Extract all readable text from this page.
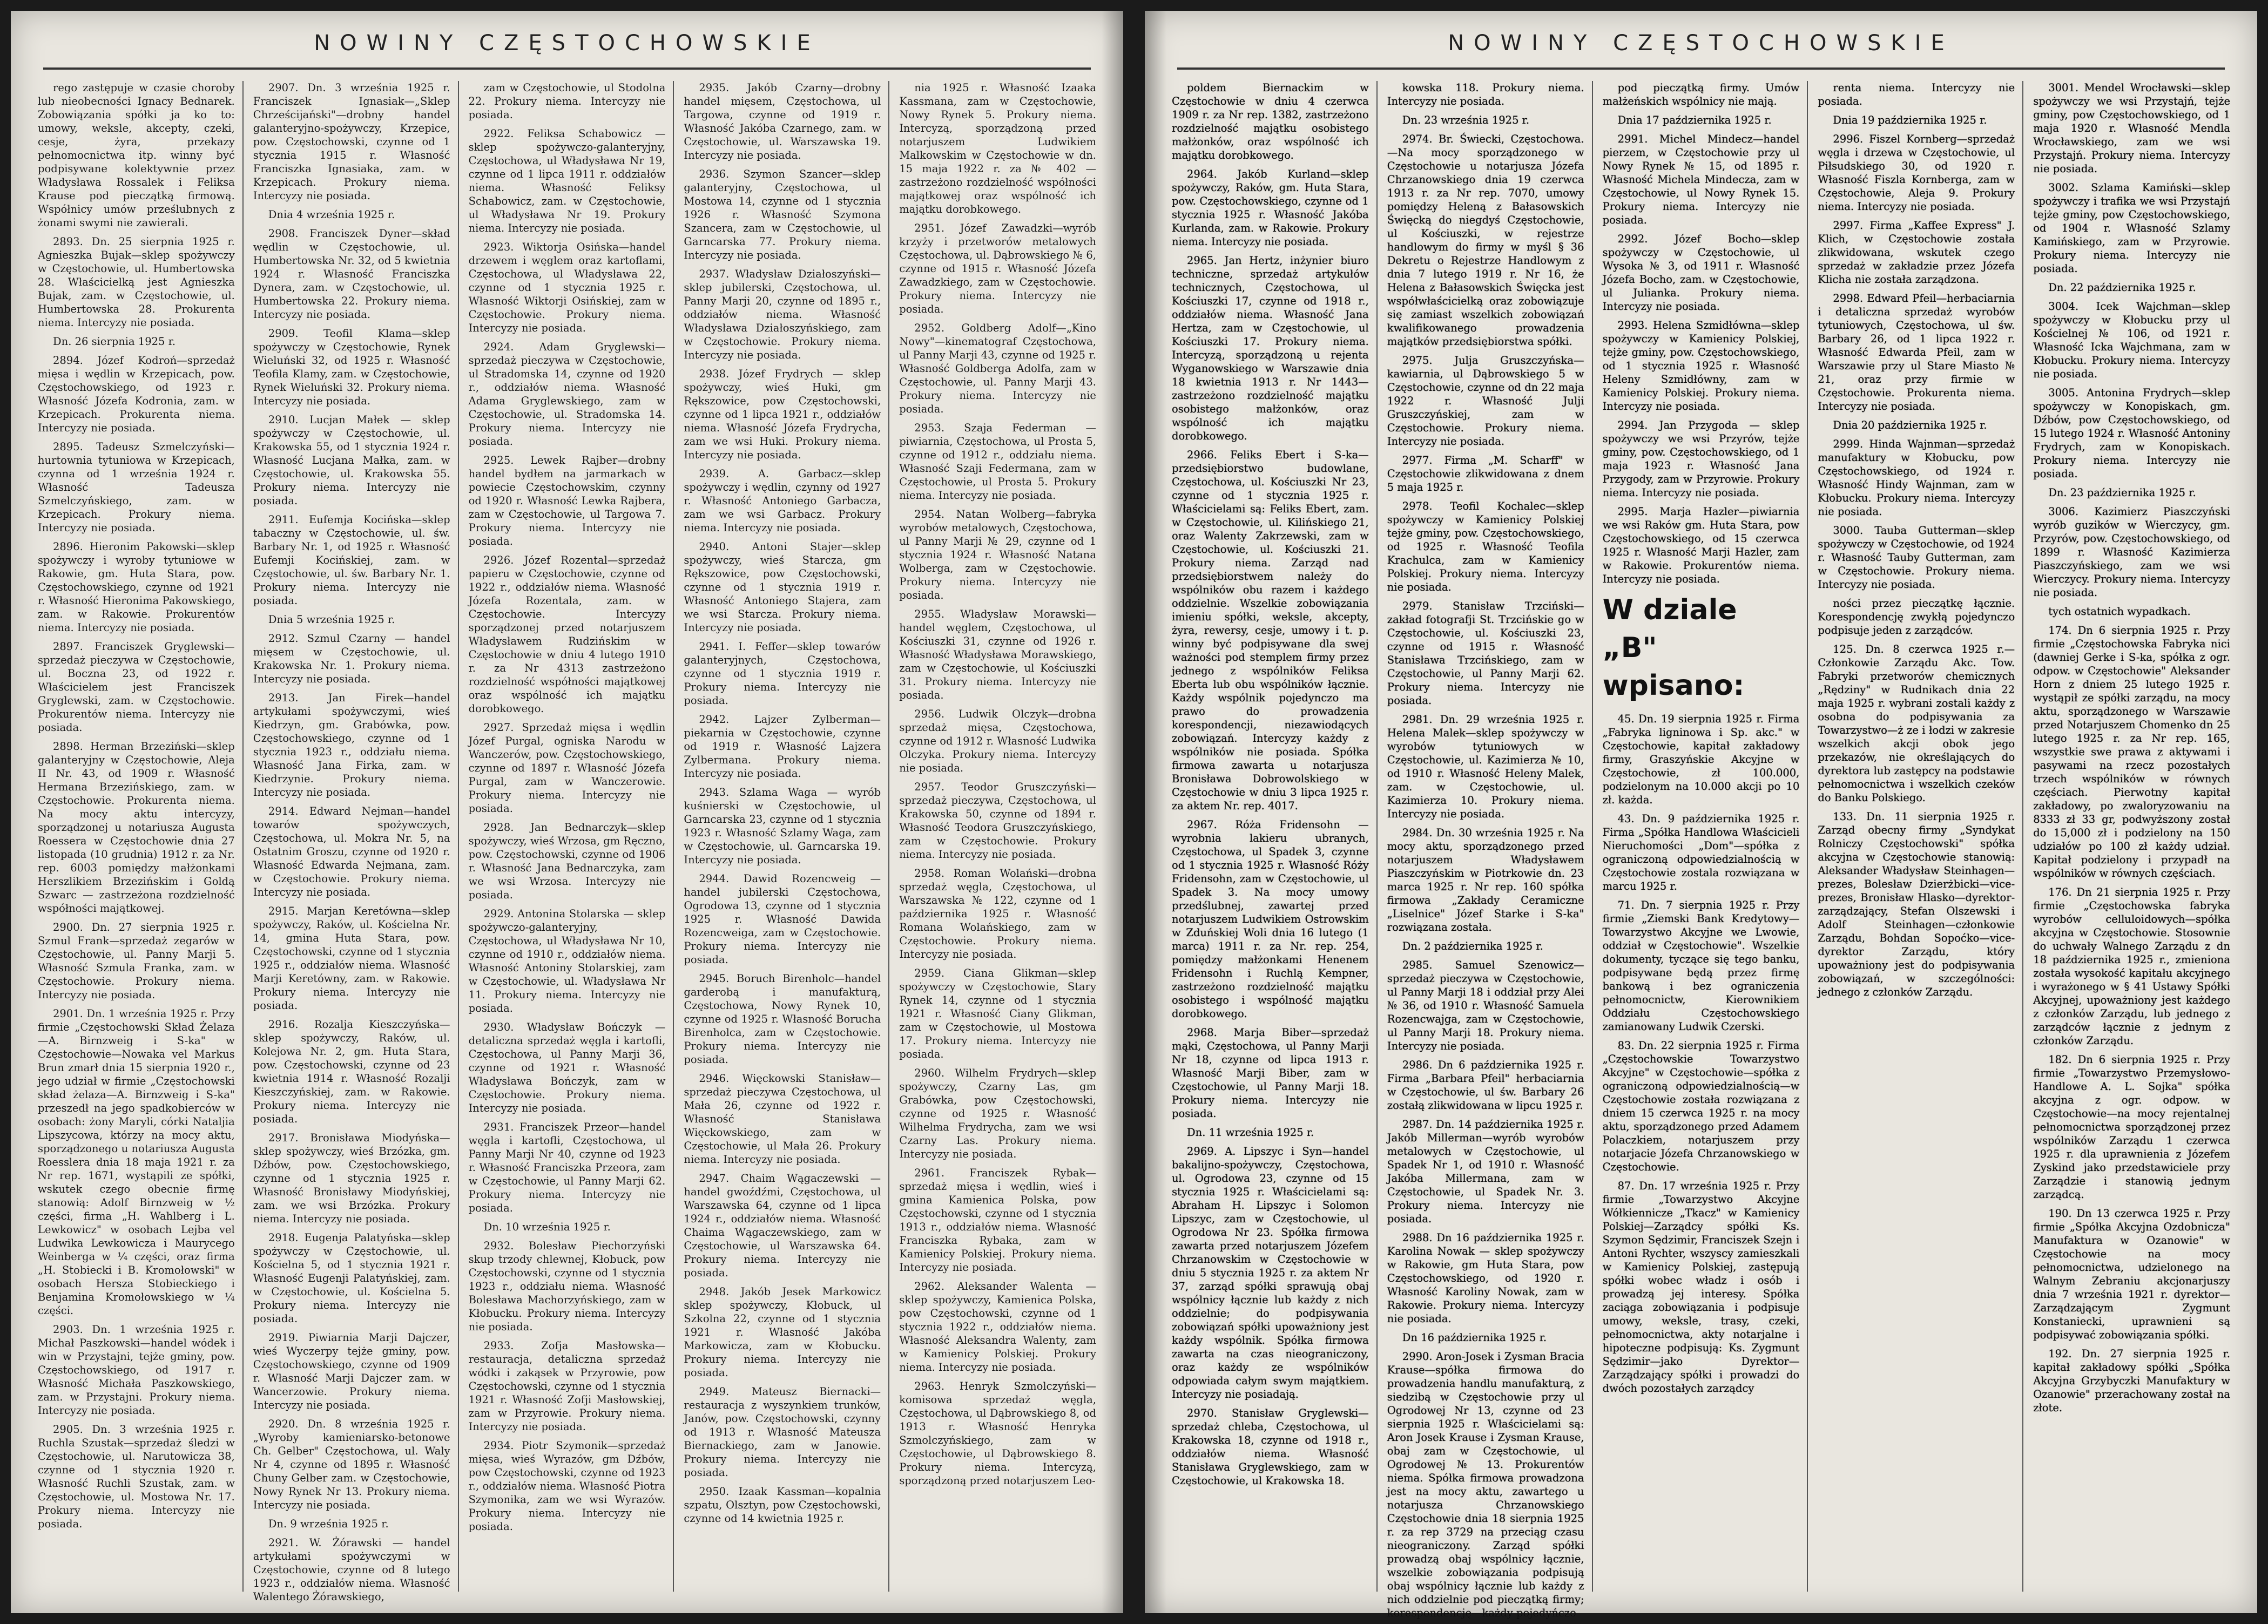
NOWINY CZĘSTOCHOWSKIE

rego zastępuje w czasie choroby lub nieobecności Ignacy Bednarek. Zobowiązania spółki ja ko to: umowy, weksle, akcepty, czeki, cesje, żyra, przekazy pełnomocnictwa itp. winny być podpisywane kolektywnie przez Władysława Rossalek i Feliksa Krause pod pieczątką firmową. Współnicy umów prześlubnych z żonami swymi nie zawierali.

2893. Dn. 25 sierpnia 1925 r. Agnieszka Bujak—sklep spożywczy w Częstochowie, ul. Humbertowska 28. Właścicielką jest Agnieszka Bujak, zam. w Częstochowie, ul. Humbertowska 28. Prokurenta niema. Intercyzy nie posiada.

Dn. 26 sierpnia 1925 r.

2894. Józef Kodroń—sprzedaż mięsa i wędlin w Krzepicach, pow. Częstochowskiego, od 1923 r. Własność Józefa Kodronia, zam. w Krzepicach. Prokurenta niema. Intercyzy nie posiada.

2895. Tadeusz Szmelczyński—hurtownia tytuniowa w Krzepicach, czynna od 1 września 1924 r. Własność Tadeusza Szmelczyńskiego, zam. w Krzepicach. Prokury niema. Intercyzy nie posiada.

2896. Hieronim Pakowski—sklep spożywczy i wyroby tytuniowe w Rakowie, gm. Huta Stara, pow. Częstochowskiego, czynne od 1921 r. Własność Hieronima Pakowskiego, zam. w Rakowie. Prokurentów niema. Intercyzy nie posiada.

2897. Franciszek Gryglewski—sprzedaż pieczywa w Częstochowie, ul. Boczna 23, od 1922 r. Właścicielem jest Franciszek Gryglewski, zam. w Częstochowie. Prokurentów niema. Intercyzy nie posiada.

2898. Herman Brzeziński—sklep galanteryjny w Częstochowie, Aleja II Nr. 43, od 1909 r. Własność Hermana Brzezińskiego, zam. w Częstochowie. Prokurenta niema. Na mocy aktu intercyzy, sporządzonej u notariusza Augusta Roessera w Częstochowie dnia 27 listopada (10 grudnia) 1912 r. za Nr. rep. 6003 pomiędzy małżonkami Herszlikiem Brzezińskim i Goldą Szwarc — zastrzeżona rozdzielność współności majątkowej.

2900. Dn. 27 sierpnia 1925 r. Szmul Frank—sprzedaż zegarów w Częstochowie, ul. Panny Marji 5. Własność Szmula Franka, zam. w Częstochowie. Prokury niema. Intercyzy nie posiada.

2901. Dn. 1 września 1925 r. Przy firmie „Częstochowski Skład Żelaza—A. Birnzweig i S-ka" w Częstochowie—Nowaka vel Markus Brun zmarł dnia 15 sierpnia 1920 r., jego udział w firmie „Częstochowski skład żelaza—A. Birnzweig i S-ka" przeszedł na jego spadkobierców w osobach: żony Maryli, córki Nataljia Lipszycowa, którzy na mocy aktu, sporządzonego u notariusza Augusta Roesslera dnia 18 maja 1921 r. za Nr rep. 1671, wystąpili ze spółki, wskutek czego obecnie firmę stanowią: Adolf Birnzweig w ½ części, firma „H. Wahlberg i L. Lewkowicz" w osobach Lejba vel Ludwika Lewkowicza i Maurycego Weinberga w ¼ części, oraz firma „H. Stobiecki i B. Kromołowski" w osobach Hersza Stobieckiego i Benjamina Kromołowskiego w ¼ części.

2903. Dn. 1 września 1925 r. Michał Paszkowski—handel wódek i win w Przystajni, tejże gminy, pow. Częstochowskiego, od 1917 r. Własność Michała Paszkowskiego, zam. w Przystajni. Prokury niema. Intercyzy nie posiada.

2905. Dn. 3 września 1925 r. Ruchla Szustak—sprzedaż śledzi w Częstochowie, ul. Narutowicza 38, czynne od 1 stycznia 1920 r. Własność Ruchli Szustak, zam. w Częstochowie, ul. Mostowa Nr. 17. Prokury niema. Intercyzy nie posiada.

2907. Dn. 3 września 1925 r. Franciszek Ignasiak—„Sklep Chrześcijański"—drobny handel galanteryjno-spożywczy, Krzepice, pow. Częstochowski, czynne od 1 stycznia 1915 r. Własność Franciszka Ignasiaka, zam. w Krzepicach. Prokury niema. Intercyzy nie posiada.

Dnia 4 września 1925 r.

2908. Franciszek Dyner—skład wędlin w Częstochowie, ul. Humbertowska Nr. 32, od 5 kwietnia 1924 r. Własność Franciszka Dynera, zam. w Częstochowie, ul. Humbertowska 22. Prokury niema. Intercyzy nie posiada.

2909. Teofil Klama—sklep spożywczy w Częstochowie, Rynek Wieluński 32, od 1925 r. Własność Teofila Klamy, zam. w Częstochowie, Rynek Wieluński 32. Prokury niema. Intercyzy nie posiada.

2910. Lucjan Małek — sklep spożywczy w Częstochowie, ul. Krakowska 55, od 1 stycznia 1924 r. Własność Lucjana Małka, zam. w Częstochowie, ul. Krakowska 55. Prokury niema. Intercyzy nie posiada.

2911. Eufemja Kocińska—sklep tabaczny w Częstochowie, ul. św. Barbary Nr. 1, od 1925 r. Własność Eufemji Kocińskiej, zam. w Częstochowie, ul. św. Barbary Nr. 1. Prokury niema. Intercyzy nie posiada.

Dnia 5 września 1925 r.

2912. Szmul Czarny — handel mięsem w Częstochowie, ul. Krakowska Nr. 1. Prokury niema. Intercyzy nie posiada.

2913. Jan Firek—handel artykułami spożywczymi, wieś Kiedrzyn, gm. Grabówka, pow. Częstochowskiego, czynne od 1 stycznia 1923 r., oddziału niema. Własność Jana Firka, zam. w Kiedrzynie. Prokury niema. Intercyzy nie posiada.

2914. Edward Nejman—handel towarów spożywczych, Częstochowa, ul. Mokra Nr. 5, na Ostatnim Groszu, czynne od 1920 r. Własność Edwarda Nejmana, zam. w Częstochowie. Prokury niema. Intercyzy nie posiada.

2915. Marjan Keretówna—sklep spożywczy, Raków, ul. Kościelna Nr. 14, gmina Huta Stara, pow. Częstochowski, czynne od 1 stycznia 1925 r., oddziałów niema. Własność Marji Keretówny, zam. w Rakowie. Prokury niema. Intercyzy nie posiada.

2916. Rozalja Kieszczyńska—sklep spożywczy, Raków, ul. Kolejowa Nr. 2, gm. Huta Stara, pow. Częstochowski, czynne od 23 kwietnia 1914 r. Własność Rozalji Kieszczyńskiej, zam. w Rakowie. Prokury niema. Intercyzy nie posiada.

2917. Bronisława Miodyńska—sklep spożywczy, wieś Brzózka, gm. Dźbów, pow. Częstochowskiego, czynne od 1 stycznia 1925 r. Własność Bronisławy Miodyńskiej, zam. we wsi Brzózka. Prokury niema. Intercyzy nie posiada.

2918. Eugenja Palatyńska—sklep spożywczy w Częstochowie, ul. Kościelna 5, od 1 stycznia 1921 r. Własność Eugenji Palatyńskiej, zam. w Częstochowie, ul. Kościelna 5. Prokury niema. Intercyzy nie posiada.

2919. Piwiarnia Marji Dajczer, wieś Wyczerpy tejże gminy, pow. Częstochowskiego, czynne od 1909 r. Własność Marji Dajczer zam. w Wancerzowie. Prokury niema. Intercyzy nie posiada.

2920. Dn. 8 września 1925 r. „Wyroby kamieniarsko-betonowe Ch. Gelber" Częstochowa, ul. Waly Nr 4, czynne od 1895 r. Własność Chuny Gelber zam. w Częstochowie, Nowy Rynek Nr 13. Prokury niema. Intercyzy nie posiada.

Dn. 9 września 1925 r.

2921. W. Żórawski — handel artykułami spożywczymi w Częstochowie, czynne od 8 lutego 1923 r., oddziałów niema. Własność Walentego Żórawskiego,

zam w Częstochowie, ul Stodolna 22. Prokury niema. Intercyzy nie posiada.

2922. Feliksa Schabowicz — sklep spożywczo-galanteryjny, Częstochowa, ul Władysława Nr 19, czynne od 1 lipca 1911 r. oddziałów niema. Własność Feliksy Schabowicz, zam. w Częstochowie, ul Władysława Nr 19. Prokury niema. Intercyzy nie posiada.

2923. Wiktorja Osińska—handel drzewem i węglem oraz kartoflami, Częstochowa, ul Władysława 22, czynne od 1 stycznia 1925 r. Własność Wiktorji Osińskiej, zam w Częstochowie. Prokury niema. Intercyzy nie posiada.

2924. Adam Gryglewski—sprzedaż pieczywa w Częstochowie, ul Stradomska 14, czynne od 1920 r., oddziałów niema. Własność Adama Gryglewskiego, zam w Częstochowie, ul. Stradomska 14. Prokury niema. Intercyzy nie posiada.

2925. Lewek Rajber—drobny handel bydłem na jarmarkach w powiecie Częstochowskim, czynny od 1920 r. Własność Lewka Rajbera, zam w Częstochowie, ul Targowa 7. Prokury niema. Intercyzy nie posiada.

2926. Józef Rozental—sprzedaż papieru w Częstochowie, czynne od 1922 r., oddziałów niema. Własność Józefa Rozentala, zam. w Częstochowie. Intercyzy sporządzonej przed notarjuszem Władysławem Rudzińskim w Częstochowie w dniu 4 lutego 1910 r. za Nr 4313 zastrzeżono rozdzielność współności majątkowej oraz wspólność ich majątku dorobkowego.

2927. Sprzedaż mięsa i wędlin Józef Purgal, ogniska Narodu w Wanczerów, pow. Częstochowskiego, czynne od 1897 r. Własność Józefa Purgal, zam w Wanczerowie. Prokury niema. Intercyzy nie posiada.

2928. Jan Bednarczyk—sklep spożywczy, wieś Wrzosa, gm Ręczno, pow. Częstochowski, czynne od 1906 r. Własność Jana Bednarczyka, zam we wsi Wrzosa. Intercyzy nie posiada.

2929. Antonina Stolarska — sklep spożywczo-galanteryjny, Częstochowa, ul Władysława Nr 10, czynne od 1910 r., oddziałów niema. Własność Antoniny Stolarskiej, zam w Częstochowie, ul. Władysława Nr 11. Prokury niema. Intercyzy nie posiada.

2930. Władysław Bończyk — detaliczna sprzedaż węgla i kartofli, Częstochowa, ul Panny Marji 36, czynne od 1921 r. Własność Władysława Bończyk, zam w Częstochowie. Prokury niema. Intercyzy nie posiada.

2931. Franciszek Przeor—handel węgla i kartofli, Częstochowa, ul Panny Marji Nr 40, czynne od 1923 r. Własność Franciszka Przeora, zam w Częstochowie, ul Panny Marji 62. Prokury niema. Intercyzy nie posiada.

Dn. 10 września 1925 r.

2932. Bolesław Piechorzyński skup trzody chlewnej, Kłobuck, pow Częstochowski, czynne od 1 stycznia 1923 r., oddziału niema. Własność Bolesława Machorzyńskiego, zam w Kłobucku. Prokury niema. Intercyzy nie posiada.

2933. Zofja Masłowska—restauracja, detaliczna sprzedaż wódki i zakąsek w Przyrowie, pow Częstochowski, czynne od 1 stycznia 1921 r. Własność Zofji Masłowskiej, zam w Przyrowie. Prokury niema. Intercyzy nie posiada.

2934. Piotr Szymonik—sprzedaż mięsa, wieś Wyrazów, gm Dźbów, pow Częstochowski, czynne od 1923 r., oddziałów niema. Własność Piotra Szymonika, zam we wsi Wyrazów. Prokury niema. Intercyzy nie posiada.

2935. Jakób Czarny—drobny handel mięsem, Częstochowa, ul Targowa, czynne od 1919 r. Własność Jakóba Czarnego, zam. w Częstochowie, ul. Warszawska 19. Intercyzy nie posiada.

2936. Szymon Szancer—sklep galanteryjny, Częstochowa, ul Mostowa 14, czynne od 1 stycznia 1926 r. Własność Szymona Szancera, zam w Częstochowie, ul Garncarska 77. Prokury niema. Intercyzy nie posiada.

2937. Władysław Działoszyński—sklep jubilerski, Częstochowa, ul. Panny Marji 20, czynne od 1895 r., oddziałów niema. Własność Władysława Działoszyńskiego, zam w Częstochowie. Prokury niema. Intercyzy nie posiada.

2938. Józef Frydrych — sklep spożywczy, wieś Huki, gm Rększowice, pow Częstochowski, czynne od 1 lipca 1921 r., oddziałów niema. Własność Józefa Frydrycha, zam we wsi Huki. Prokury niema. Intercyzy nie posiada.

2939. A. Garbacz—sklep spożywczy i wędlin, czynny od 1927 r. Własność Antoniego Garbacza, zam we wsi Garbacz. Prokury niema. Intercyzy nie posiada.

2940. Antoni Stajer—sklep spożywczy, wieś Starcza, gm Rększowice, pow Częstochowski, czynne od 1 stycznia 1919 r. Własność Antoniego Stajera, zam we wsi Starcza. Prokury niema. Intercyzy nie posiada.

2941. I. Feffer—sklep towarów galanteryjnych, Częstochowa, czynne od 1 stycznia 1919 r. Prokury niema. Intercyzy nie posiada.

2942. Lajzer Zylberman—piekarnia w Częstochowie, czynne od 1919 r. Własność Lajzera Zylbermana. Prokury niema. Intercyzy nie posiada.

2943. Szlama Waga — wyrób kuśnierski w Częstochowie, ul Garncarska 23, czynne od 1 stycznia 1923 r. Własność Szlamy Waga, zam w Częstochowie, ul. Garncarska 19. Intercyzy nie posiada.

2944. Dawid Rozencweig — handel jubilerski Częstochowa, Ogrodowa 13, czynne od 1 stycznia 1925 r. Własność Dawida Rozencweiga, zam w Częstochowie. Prokury niema. Intercyzy nie posiada.

2945. Boruch Birenholc—handel garderobą i manufakturą, Częstochowa, Nowy Rynek 10, czynne od 1925 r. Własność Borucha Birenholca, zam w Częstochowie. Prokury niema. Intercyzy nie posiada.

2946. Więckowski Stanisław—sprzedaż pieczywa Częstochowa, ul Mała 26, czynne od 1922 r. Własność Stanisława Więckowskiego, zam w Częstochowie, ul Mała 26. Prokury niema. Intercyzy nie posiada.

2947. Chaim Wągaczewski — handel gwoźdźmi, Częstochowa, ul Warszawska 64, czynne od 1 lipca 1924 r., oddziałów niema. Własność Chaima Wągaczewskiego, zam w Częstochowie, ul Warszawska 64. Prokury niema. Intercyzy nie posiada.

2948. Jakób Jesek Markowicz sklep spożywczy, Kłobuck, ul Szkolna 22, czynne od 1 stycznia 1921 r. Własność Jakóba Markowicza, zam w Kłobucku. Prokury niema. Intercyzy nie posiada.

2949. Mateusz Biernacki—restauracja z wyszynkiem trunków, Janów, pow. Częstochowski, czynny od 1913 r. Własność Mateusza Biernackiego, zam w Janowie. Prokury niema. Intercyzy nie posiada.

2950. Izaak Kassman—kopalnia szpatu, Olsztyn, pow Częstochowski, czynne od 14 kwietnia 1925 r.

nia 1925 r. Własność Izaaka Kassmana, zam w Częstochowie, Nowy Rynek 5. Prokury niema. Intercyzą, sporządzoną przed notarjuszem Ludwikiem Malkowskim w Częstochowie w dn. 15 maja 1922 r. za № 402 — zastrzeżono rozdzielność współności majątkowej oraz wspólność ich majątku dorobkowego.

2951. Józef Zawadzki—wyrób krzyży i przetworów metalowych Częstochowa, ul. Dąbrowskiego № 6, czynne od 1915 r. Własność Józefa Zawadzkiego, zam w Częstochowie. Prokury niema. Intercyzy nie posiada.

2952. Goldberg Adolf—„Kino Nowy"—kinematograf Częstochowa, ul Panny Marji 43, czynne od 1925 r. Własność Goldberga Adolfa, zam w Częstochowie, ul. Panny Marji 43. Prokury niema. Intercyzy nie posiada.

2953. Szaja Federman — piwiarnia, Częstochowa, ul Prosta 5, czynne od 1912 r., oddziału niema. Własność Szaji Federmana, zam w Częstochowie, ul Prosta 5. Prokury niema. Intercyzy nie posiada.

2954. Natan Wolberg—fabryka wyrobów metalowych, Częstochowa, ul Panny Marji № 29, czynne od 1 stycznia 1924 r. Własność Natana Wolberga, zam w Częstochowie. Prokury niema. Intercyzy nie posiada.

2955. Władysław Morawski—handel węglem, Częstochowa, ul Kościuszki 31, czynne od 1926 r. Własność Władysława Morawskiego, zam w Częstochowie, ul Kościuszki 31. Prokury niema. Intercyzy nie posiada.

2956. Ludwik Olczyk—drobna sprzedaż mięsa, Częstochowa, czynne od 1912 r. Własność Ludwika Olczyka. Prokury niema. Intercyzy nie posiada.

2957. Teodor Gruszczyński—sprzedaż pieczywa, Częstochowa, ul Krakowska 50, czynne od 1894 r. Własność Teodora Gruszczyńskiego, zam w Częstochowie. Prokury niema. Intercyzy nie posiada.

2958. Roman Wolański—drobna sprzedaż węgla, Częstochowa, ul Warszawska № 122, czynne od 1 października 1925 r. Własność Romana Wolańskiego, zam w Częstochowie. Prokury niema. Intercyzy nie posiada.

2959. Ciana Glikman—sklep spożywczy w Częstochowie, Stary Rynek 14, czynne od 1 stycznia 1921 r. Własność Ciany Glikman, zam w Częstochowie, ul Mostowa 17. Prokury niema. Intercyzy nie posiada.

2960. Wilhelm Frydrych—sklep spożywczy, Czarny Las, gm Grabówka, pow Częstochowski, czynne od 1925 r. Własność Wilhelma Frydrycha, zam we wsi Czarny Las. Prokury niema. Intercyzy nie posiada.

2961. Franciszek Rybak—sprzedaż mięsa i wędlin, wieś i gmina Kamienica Polska, pow Częstochowski, czynne od 1 stycznia 1913 r., oddziałów niema. Własność Franciszka Rybaka, zam w Kamienicy Polskiej. Prokury niema. Intercyzy nie posiada.

2962. Aleksander Walenta — sklep spożywczy, Kamienica Polska, pow Częstochowski, czynne od 1 stycznia 1922 r., oddziałów niema. Własność Aleksandra Walenty, zam w Kamienicy Polskiej. Prokury niema. Intercyzy nie posiada.

2963. Henryk Szmolczyński—komisowa sprzedaż węgla, Częstochowa, ul Dąbrowskiego 8, od 1913 r. Własność Henryka Szmolczyńskiego, zam w Częstochowie, ul Dąbrowskiego 8. Prokury niema. Intercyzą, sporządzoną przed notarjuszem Leo-

NOWINY CZĘSTOCHOWSKIE

poldem Biernackim w Częstochowie w dniu 4 czerwca 1909 r. za Nr rep. 1382, zastrzeżono rozdzielność majątku osobistego małżonków, oraz wspólność ich majątku dorobkowego.

2964. Jakób Kurland—sklep spożywczy, Raków, gm. Huta Stara, pow. Częstochowskiego, czynne od 1 stycznia 1925 r. Własność Jakóba Kurlanda, zam. w Rakowie. Prokury niema. Intercyzy nie posiada.

2965. Jan Hertz, inżynier biuro techniczne, sprzedaż artykułów technicznych, Częstochowa, ul Kościuszki 17, czynne od 1918 r., oddziałów niema. Własność Jana Hertza, zam w Częstochowie, ul Kościuszki 17. Prokury niema. Intercyzą, sporządzoną u rejenta Wyganowskiego w Warszawie dnia 18 kwietnia 1913 r. Nr 1443—zastrzeżono rozdzielność majątku osobistego małżonków, oraz wspólność ich majątku dorobkowego.

2966. Feliks Ebert i S-ka—przedsiębiorstwo budowlane, Częstochowa, ul. Kościuszki Nr 23, czynne od 1 stycznia 1925 r. Właścicielami są: Feliks Ebert, zam. w Częstochowie, ul. Kilińskiego 21, oraz Walenty Zakrzewski, zam w Częstochowie, ul. Kościuszki 21. Prokury niema. Zarząd nad przedsiębiorstwem należy do wspólników obu razem i każdego oddzielnie. Wszelkie zobowiązania imieniu spółki, weksle, akcepty, żyra, rewersy, cesje, umowy i t. p. winny być podpisywane dla swej ważności pod stemplem firmy przez jednego z wspólników Feliksa Eberta lub obu wspólników łącznie. Każdy wspólnik pojedynczo ma prawo do prowadzenia korespondencji, niezawiodących zobowiązań. Intercyzy każdy z wspólników nie posiada. Spółka firmowa zawarta u notarjusza Bronisława Dobrowolskiego w Częstochowie w dniu 3 lipca 1925 r. za aktem Nr. rep. 4017.

2967. Róża Fridensohn — wyrobnia lakieru ubranych, Częstochowa, ul Spadek 3, czynne od 1 stycznia 1925 r. Własność Róży Fridensohn, zam w Częstochowie, ul Spadek 3. Na mocy umowy przedślubnej, zawartej przed notarjuszem Ludwikiem Ostrowskim w Zduńskiej Woli dnia 16 lutego (1 marca) 1911 r. za Nr. rep. 254, pomiędzy małżonkami Henenem Fridensohn i Ruchlą Kempner, zastrzeżono rozdzielność majątku osobistego i wspólność majątku dorobkowego.

2968. Marja Biber—sprzedaż mąki, Częstochowa, ul Panny Marji Nr 18, czynne od lipca 1913 r. Własność Marji Biber, zam w Częstochowie, ul Panny Marji 18. Prokury niema. Intercyzy nie posiada.

Dn. 11 września 1925 r.

2969. A. Lipszyc i Syn—handel bakalijno-spożywczy, Częstochowa, ul. Ogrodowa 23, czynne od 15 stycznia 1925 r. Właścicielami są: Abraham H. Lipszyc i Solomon Lipszyc, zam w Częstochowie, ul Ogrodowa Nr 23. Spółka firmowa zawarta przed notarjuszem Józefem Chrzanowskim w Częstochowie w dniu 5 stycznia 1925 r. za aktem Nr 37, zarząd spółki sprawują obaj wspólnicy łącznie lub każdy z nich oddzielnie; do podpisywania zobowiązań spółki upoważniony jest każdy wspólnik. Spółka firmowa zawarta na czas nieograniczony, oraz każdy ze wspólników odpowiada całym swym majątkiem. Intercyzy nie posiadają.

2970. Stanisław Gryglewski—sprzedaż chleba, Częstochowa, ul Krakowska 18, czynne od 1918 r., oddziałów niema. Własność Stanisława Gryglewskiego, zam w Częstochowie, ul Krakowska 18.

kowska 118. Prokury niema. Intercyzy nie posiada.

Dn. 23 września 1925 r.

2974. Br. Świecki, Częstochowa.—Na mocy sporządzonego w Częstochowie u notarjusza Józefa Chrzanowskiego dnia 19 czerwca 1913 r. za Nr rep. 7070, umowy pomiędzy Heleną z Bałasowskich Święcką do niegdyś Częstochowie, ul Kościuszki, w rejestrze handlowym do firmy w myśl § 36 Dekretu o Rejestrze Handlowym z dnia 7 lutego 1919 r. Nr 16, że Helena z Bałasowskich Święcka jest współwłaścicielką oraz zobowiązuje się zamiast wszelkich zobowiązań kwalifikowanego prowadzenia majątków przedsiębiorstwa spółki.

2975. Julja Gruszczyńska—kawiarnia, ul Dąbrowskiego 5 w Częstochowie, czynne od dn 22 maja 1922 r. Własność Julji Gruszczyńskiej, zam w Częstochowie. Prokury niema. Intercyzy nie posiada.

2977. Firma „M. Scharff" w Częstochowie zlikwidowana z dnem 5 maja 1925 r.

2978. Teofil Kochalec—sklep spożywczy w Kamienicy Polskiej tejże gminy, pow. Częstochowskiego, od 1925 r. Własność Teofila Krachulca, zam w Kamienicy Polskiej. Prokury niema. Intercyzy nie posiada.

2979. Stanisław Trzciński—zakład fotografji St. Trzcińskie go w Częstochowie, ul. Kościuszki 23, czynne od 1915 r. Własność Stanisława Trzcińskiego, zam w Częstochowie, ul Panny Marji 62. Prokury niema. Intercyzy nie posiada.

2981. Dn. 29 września 1925 r. Helena Malek—sklep spożywczy w wyrobów tytuniowych w Częstochowie, ul. Kazimierza № 10, od 1910 r. Własność Heleny Malek, zam. w Częstochowie, ul. Kazimierza 10. Prokury niema. Intercyzy nie posiada.

2984. Dn. 30 września 1925 r. Na mocy aktu, sporządzonego przed notarjuszem Władysławem Piaszczyńskim w Piotrkowie dn. 23 marca 1925 r. Nr rep. 160 spółka firmowa „Zakłady Ceramiczne „Liselnice" Józef Starke i S-ka" rozwiązana została.

Dn. 2 października 1925 r.

2985. Samuel Szenowicz—sprzedaż pieczywa w Częstochowie, ul Panny Marji 18 i oddział przy Alei № 36, od 1910 r. Własność Samuela Rozencwajga, zam w Częstochowie, ul Panny Marji 18. Prokury niema. Intercyzy nie posiada.

2986. Dn 6 października 1925 r. Firma „Barbara Pfeil" herbaciarnia w Częstochowie, ul św. Barbary 26 zostałą zlikwidowana w lipcu 1925 r.

2987. Dn. 14 października 1925 r. Jakób Millerman—wyrób wyrobów metalowych w Częstochowie, ul Spadek Nr 1, od 1910 r. Własność Jakóba Millermana, zam w Częstochowie, ul Spadek Nr. 3. Prokury niema. Intercyzy nie posiada.

2988. Dn 16 października 1925 r. Karolina Nowak — sklep spożywczy w Rakowie, gm Huta Stara, pow Częstochowskiego, od 1920 r. Własność Karoliny Nowak, zam w Rakowie. Prokury niema. Intercyzy nie posiada.

Dn 16 października 1925 r.

2990. Aron-Josek i Zysman Bracia Krause—spółka firmowa do prowadzenia handlu manufakturą, z siedzibą w Częstochowie przy ul Ogrodowej Nr 13, czynne od 23 sierpnia 1925 r. Właścicielami są: Aron Josek Krause i Zysman Krause, obaj zam w Częstochowie, ul Ogrodowej № 13. Prokurentów niema. Spółka firmowa prowadzona jest na mocy aktu, zawartego u notarjusza Chrzanowskiego Częstochowie dnia 18 sierpnia 1925 r. za rep 3729 na przeciąg czasu nieograniczony. Zarząd spółki prowadzą obaj wspólnicy łącznie, wszelkie zobowiązania podpisują obaj wspólnicy łącznie lub każdy z nich oddzielnie pod pieczątką firmy; korespondencję—każdy pojedyńczo

pod pieczątką firmy. Umów małżeńskich wspólnicy nie mają.

Dnia 17 października 1925 r.

2991. Michel Mindecz—handel pierzem, w Częstochowie przy ul Nowy Rynek № 15, od 1895 r. Własność Michela Mindecza, zam w Częstochowie, ul Nowy Rynek 15. Prokury niema. Intercyzy nie posiada.

2992. Józef Bocho—sklep spożywczy w Częstochowie, ul Wysoka № 3, od 1911 r. Własność Józefa Bocho, zam. w Częstochowie, ul Julianka. Prokury niema. Intercyzy nie posiada.

2993. Helena Szmidłówna—sklep spożywczy w Kamienicy Polskiej, tejże gminy, pow. Częstochowskiego, od 1 stycznia 1925 r. Własność Heleny Szmidłówny, zam w Kamienicy Polskiej. Prokury niema. Intercyzy nie posiada.

2994. Jan Przygoda — sklep spożywczy we wsi Przyrów, tejże gminy, pow. Częstochowskiego, od 1 maja 1923 r. Własność Jana Przygody, zam w Przyrowie. Prokury niema. Intercyzy nie posiada.

2995. Marja Hazler—piwiarnia we wsi Raków gm. Huta Stara, pow Częstochowskiego, od 15 czerwca 1925 r. Własność Marji Hazler, zam w Rakowie. Prokurentów niema. Intercyzy nie posiada.

W dziale „B" wpisano:

45. Dn. 19 sierpnia 1925 r. Firma „Fabryka ligninowa i Sp. akc." w Częstochowie, kapitał zakładowy firmy, Graszyńskie Akcyjne w Częstochowie, zł 100.000, podzielonym na 10.000 akcji po 10 zł. każda.

43. Dn. 9 października 1925 r. Firma „Spółka Handlowa Właścicieli Nieruchomości „Dom"—spółka z ograniczoną odpowiedzialnością w Częstochowie zostala rozwiązana w marcu 1925 r.

71. Dn. 7 sierpnia 1925 r. Przy firmie „Ziemski Bank Kredytowy—Towarzystwo Akcyjne we Lwowie, oddział w Częstochowie". Wszelkie dokumenty, tyczące się tego banku, podpisywane będą przez firmę bankową i bez ograniczenia pełnomocnictw, Kierownikiem Oddziału Częstochowskiego zamianowany Ludwik Czerski.

83. Dn. 22 sierpnia 1925 r. Firma „Częstochowskie Towarzystwo Akcyjne" w Częstochowie—spółka z ograniczoną odpowiedzialnością—w Częstochowie została rozwiązana z dniem 15 czerwca 1925 r. na mocy aktu, sporządzonego przed Adamem Polaczkiem, notarjuszem przy notarjacie Józefa Chrzanowskiego w Częstochowie.

87. Dn. 17 września 1925 r. Przy firmie „Towarzystwo Akcyjne Wółkiennicze „Tkacz" w Kamienicy Polskiej—Zarządcy spółki Ks. Szymon Sędzimir, Franciszek Szejn i Antoni Rychter, wszyscy zamieszkali w Kamienicy Polskiej, zastępują spółki wobec władz i osób i prowadzą jej interesy. Spółka zaciąga zobowiązania i podpisuje umowy, weksle, trasy, czeki, pełnomocnictwa, akty notarjalne i hipoteczne podpisują: Ks. Zygmunt Sędzimir—jako Dyrektor—Zarządzający spółki i prowadzi do dwóch pozostałych zarządcy

renta niema. Intercyzy nie posiada.

Dnia 19 października 1925 r.

2996. Fiszel Kornberg—sprzedaż węgla i drzewa w Częstochowie, ul Piłsudskiego 30, od 1920 r. Własność Fiszla Kornberga, zam w Częstochowie, Aleja 9. Prokury niema. Intercyzy nie posiada.

2997. Firma „Kaffee Express" J. Klich, w Częstochowie została zlikwidowana, wskutek czego sprzedaż w zakładzie przez Józefa Klicha nie została zarządzona.

2998. Edward Pfeil—herbaciarnia i detaliczna sprzedaż wyrobów tytuniowych, Częstochowa, ul św. Barbary 26, od 1 lipca 1922 r. Własność Edwarda Pfeil, zam w Warszawie przy ul Stare Miasto № 21, oraz przy firmie w Częstochowie. Prokurenta niema. Intercyzy nie posiada.

Dnia 20 października 1925 r.

2999. Hinda Wajnman—sprzedaż manufaktury w Kłobucku, pow Częstochowskiego, od 1924 r. Własność Hindy Wajnman, zam w Kłobucku. Prokury niema. Intercyzy nie posiada.

3000. Tauba Gutterman—sklep spożywczy w Częstochowie, od 1924 r. Własność Tauby Gutterman, zam w Częstochowie. Prokury niema. Intercyzy nie posiada.

ności przez pieczątkę łącznie. Korespondencję zwykłą pojedynczo podpisuje jeden z zarządców.

125. Dn. 8 czerwca 1925 r.—Członkowie Zarządu Akc. Tow. Fabryki przetworów chemicznych „Rędziny" w Rudnikach dnia 22 maja 1925 r. wybrani zostali każdy z osobna do podpisywania za Towarzystwo—ż ze i łodzi w zakresie wszelkich akcji obok jego przekazów, nie określających do dyrektora lub zastępcy na podstawie pełnomocnictwa i wszelkich czeków do Banku Polskiego.

133. Dn. 11 sierpnia 1925 r. Zarząd obecny firmy „Syndykat Rolniczy Częstochowski" spółka akcyjna w Częstochowie stanowią: Aleksander Władysław Steinhagen—prezes, Bolesław Dzierżbicki—vice-prezes, Bronisław Hlasko—dyrektor-zarządzający, Stefan Olszewski i Adolf Steinhagen—członkowie Zarządu, Bohdan Sopoćko—vice-dyrektor Zarządu, który upoważniony jest do podpisywania zobowiązań, w szczególności: jednego z członków Zarządu.

3001. Mendel Wrocławski—sklep spożywczy we wsi Przystajń, tejże gminy, pow Częstochowskiego, od 1 maja 1920 r. Własność Mendla Wrocławskiego, zam we wsi Przystajń. Prokury niema. Intercyzy nie posiada.

3002. Szlama Kamiński—sklep spożywczy i trafika we wsi Przystajń tejże gminy, pow Częstochowskiego, od 1904 r. Własność Szlamy Kamińskiego, zam w Przyrowie. Prokury niema. Intercyzy nie posiada.

Dn. 22 października 1925 r.

3004. Icek Wajchman—sklep spożywczy w Kłobucku przy ul Kościelnej № 106, od 1921 r. Własność Icka Wajchmana, zam w Kłobucku. Prokury niema. Intercyzy nie posiada.

3005. Antonina Frydrych—sklep spożywczy w Konopiskach, gm. Dźbów, pow Częstochowskiego, od 15 lutego 1924 r. Własność Antoniny Frydrych, zam w Konopiskach. Prokury niema. Intercyzy nie posiada.

Dn. 23 października 1925 r.

3006. Kazimierz Piaszczyński wyrób guzików w Wierczycy, gm. Przyrów, pow. Częstochowskiego, od 1899 r. Własność Kazimierza Piaszczyńskiego, zam we wsi Wierczycy. Prokury niema. Intercyzy nie posiada.

tych ostatnich wypadkach.

174. Dn 6 sierpnia 1925 r. Przy firmie „Częstochowska Fabryka nici (dawniej Gerke i S-ka, spółka z ogr. odpow. w Częstochowie" Aleksander Horn z dniem 25 lutego 1925 r. wystąpił ze spółki zarządu, na mocy aktu, sporządzonego w Warszawie przed Notarjuszem Chomenko dn 25 lutego 1925 r. za Nr rep. 165, wszystkie swe prawa z aktywami i pasywami na rzecz pozostałych trzech wspólników w równych częściach. Pierwotny kapitał zakładowy, po zwaloryzowaniu na 8333 zł 33 gr, podwyższony został do 15,000 zł i podzielony na 150 udziałów po 100 zł każdy udział. Kapitał podzielony i przypadł na wspólników w równych częściach.

176. Dn 21 sierpnia 1925 r. Przy firmie „Częstochowska fabryka wyrobów celluloidowych—spółka akcyjna w Częstochowie. Stosownie do uchwały Walnego Zarządu z dn 18 października 1925 r., zmieniona została wysokość kapitału akcyjnego i wyrażonego w § 41 Ustawy Spółki Akcyjnej, upoważniony jest każdego z członków Zarządu, lub jednego z zarządców łącznie z jednym z członków Zarządu.

182. Dn 6 sierpnia 1925 r. Przy firmie „Towarzystwo Przemysłowo-Handlowe A. L. Sojka" spółka akcyjna z ogr. odpow. w Częstochowie—na mocy rejentalnej pełnomocnictwa sporządzonej przez wspólników Zarządu 1 czerwca 1925 r. dla uprawnienia z Józefem Zyskind jako przedstawiciele przy Zarządzie i stanowią jednym zarządcą.

190. Dn 13 czerwca 1925 r. Przy firmie „Spółka Akcyjna Ozdobnicza" Manufaktura w Ozanowie" w Częstochowie na mocy pełnomocnictwa, udzielonego na Walnym Zebraniu akcjonarjuszy dnia 7 września 1921 r. dyrektor—Zarządzającym Zygmunt Konstaniecki, uprawnieni są podpisywać zobowiązania spółki.

192. Dn. 27 sierpnia 1925 r. kapitał zakładowy spółki „Spółka Akcyjna Grzybyczki Manufaktury w Ozanowie" przerachowany został na złote.
